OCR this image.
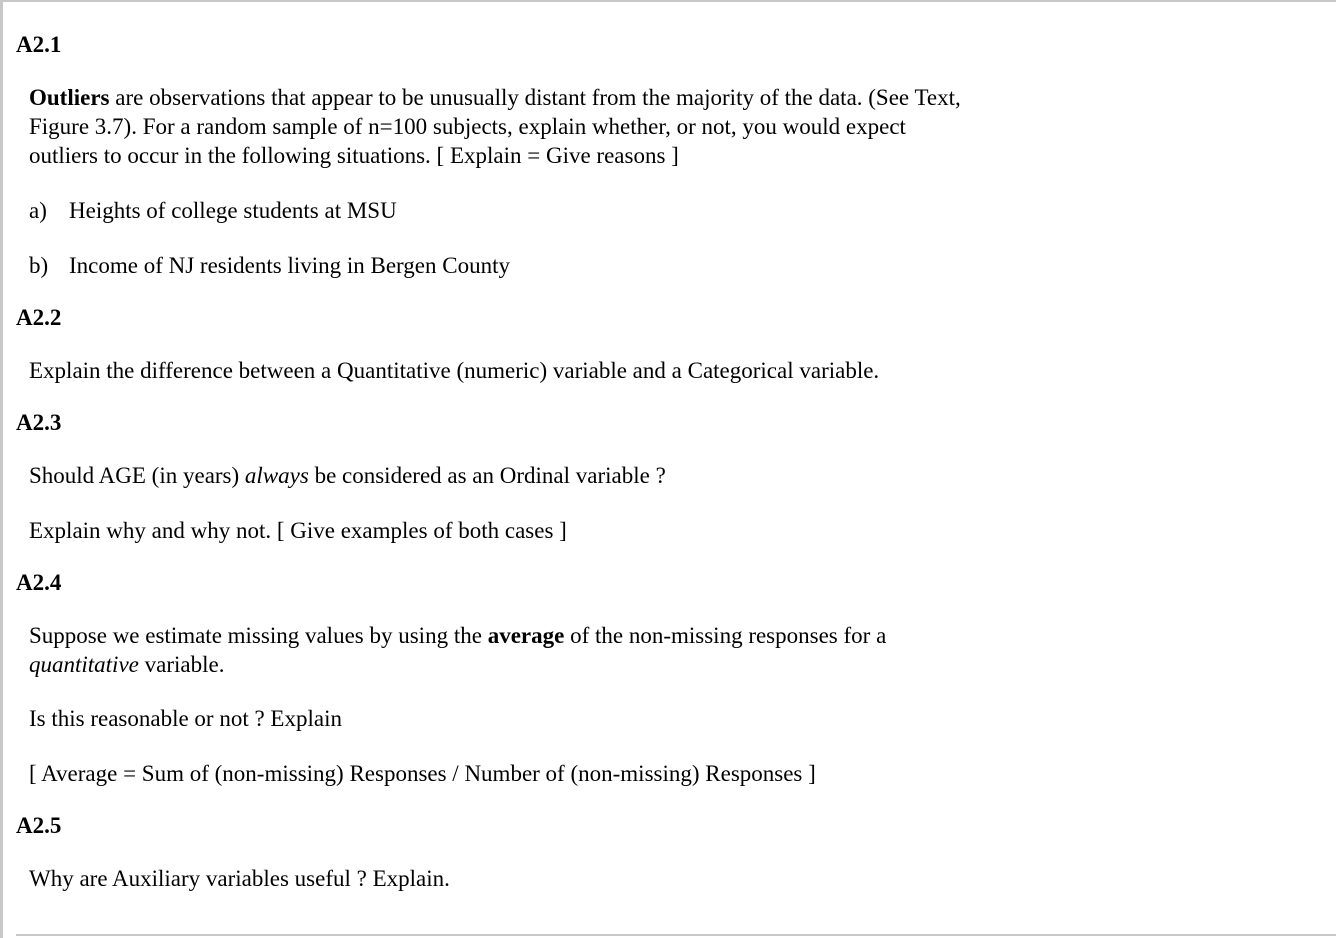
A2.1

Outliers are observations that appear to be unusually distant from the majority of the data. (See Text, Figure 3.7). For a random sample of n=100 subjects, explain whether, or not, you would expect outliers to occur in the following situations. [ Explain = Give reasons ]

a) Heights of college students at MSU

b) Income of NJ residents living in Bergen County

A2.2

Explain the difference between a Quantitative (numeric) variable and a Categorical variable.

A2.3

Should AGE (in years) always be considered as an Ordinal variable ?

Explain why and why not. [ Give examples of both cases ]

A2.4

Suppose we estimate missing values by using the average of the non-missing responses for a quantitative variable.

Is this reasonable or not ? Explain

[ Average = Sum of (non-missing) Responses / Number of (non-missing) Responses ]

A2.5

Why are Auxiliary variables useful ? Explain.
